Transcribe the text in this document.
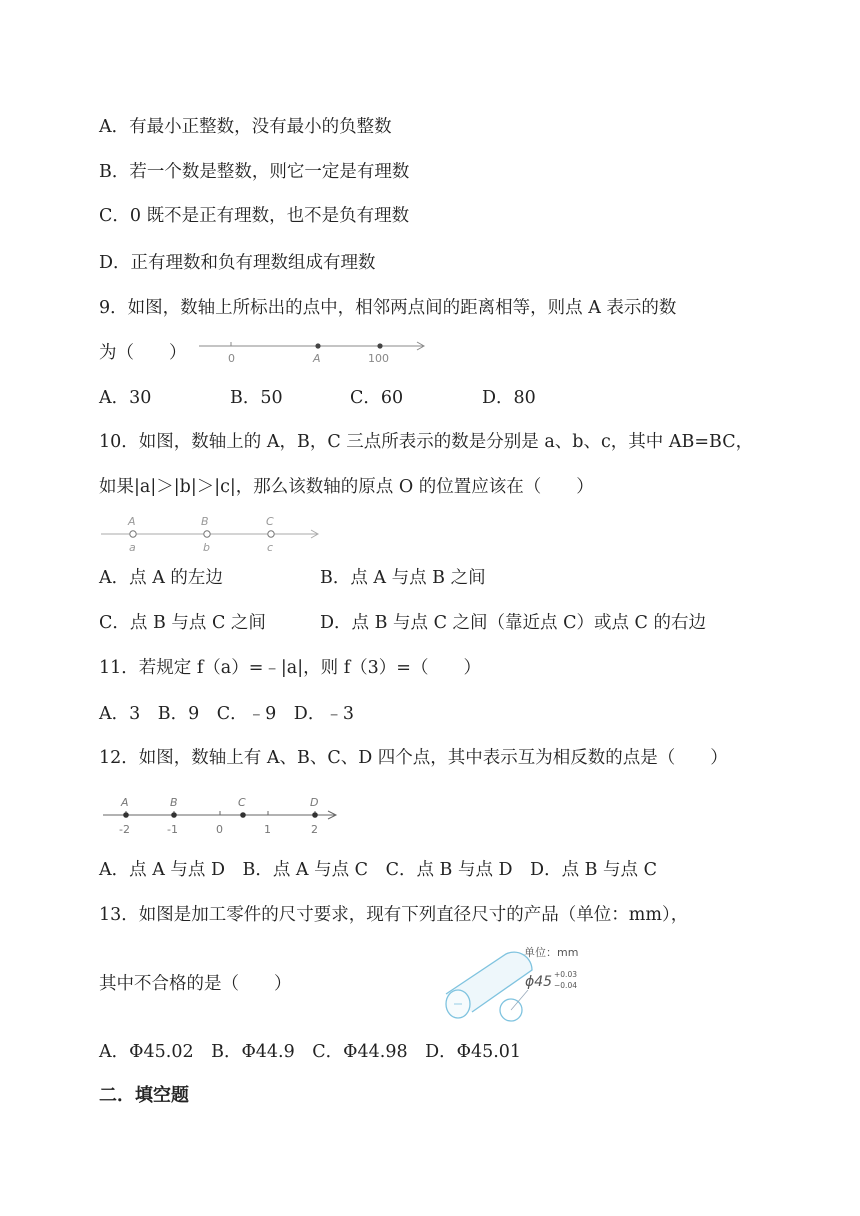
A．有最小正整数，没有最小的负整数
B．若一个数是整数，则它一定是有理数
C．0 既不是正有理数，也不是负有理数
D．正有理数和负有理数组成有理数
9．如图，数轴上所标出的点中，相邻两点间的距离相等，则点 A 表示的数
为（　　）	0	A	100
A．30	B．50	C．60	D．80
10．如图，数轴上的 A，B，C 三点所表示的数是分别是 a、b、c，其中 AB=BC，
如果|a|＞|b|＞|c|，那么该数轴的原点 O 的位置应该在（　　）
A	B	C
a	b	c
A．点 A 的左边	B．点 A 与点 B 之间
C．点 B 与点 C 之间	D．点 B 与点 C 之间（靠近点 C）或点 C 的右边
11．若规定 f（a）=﹣|a|，则 f（3）=（　　）
A．3　B．9　C．﹣9　D．﹣3
12．如图，数轴上有 A、B、C、D 四个点，其中表示互为相反数的点是（　　）
A	B	C	D
-2	-1	0	1	2
A．点 A 与点 D　B．点 A 与点 C　C．点 B 与点 D　D．点 B 与点 C
13．如图是加工零件的尺寸要求，现有下列直径尺寸的产品（单位：mm），
其中不合格的是（　　）
单位：mm
ϕ45 +0.03
−0.04
A．Φ45.02　B．Φ44.9　C．Φ44.98　D．Φ45.01
二．填空题
